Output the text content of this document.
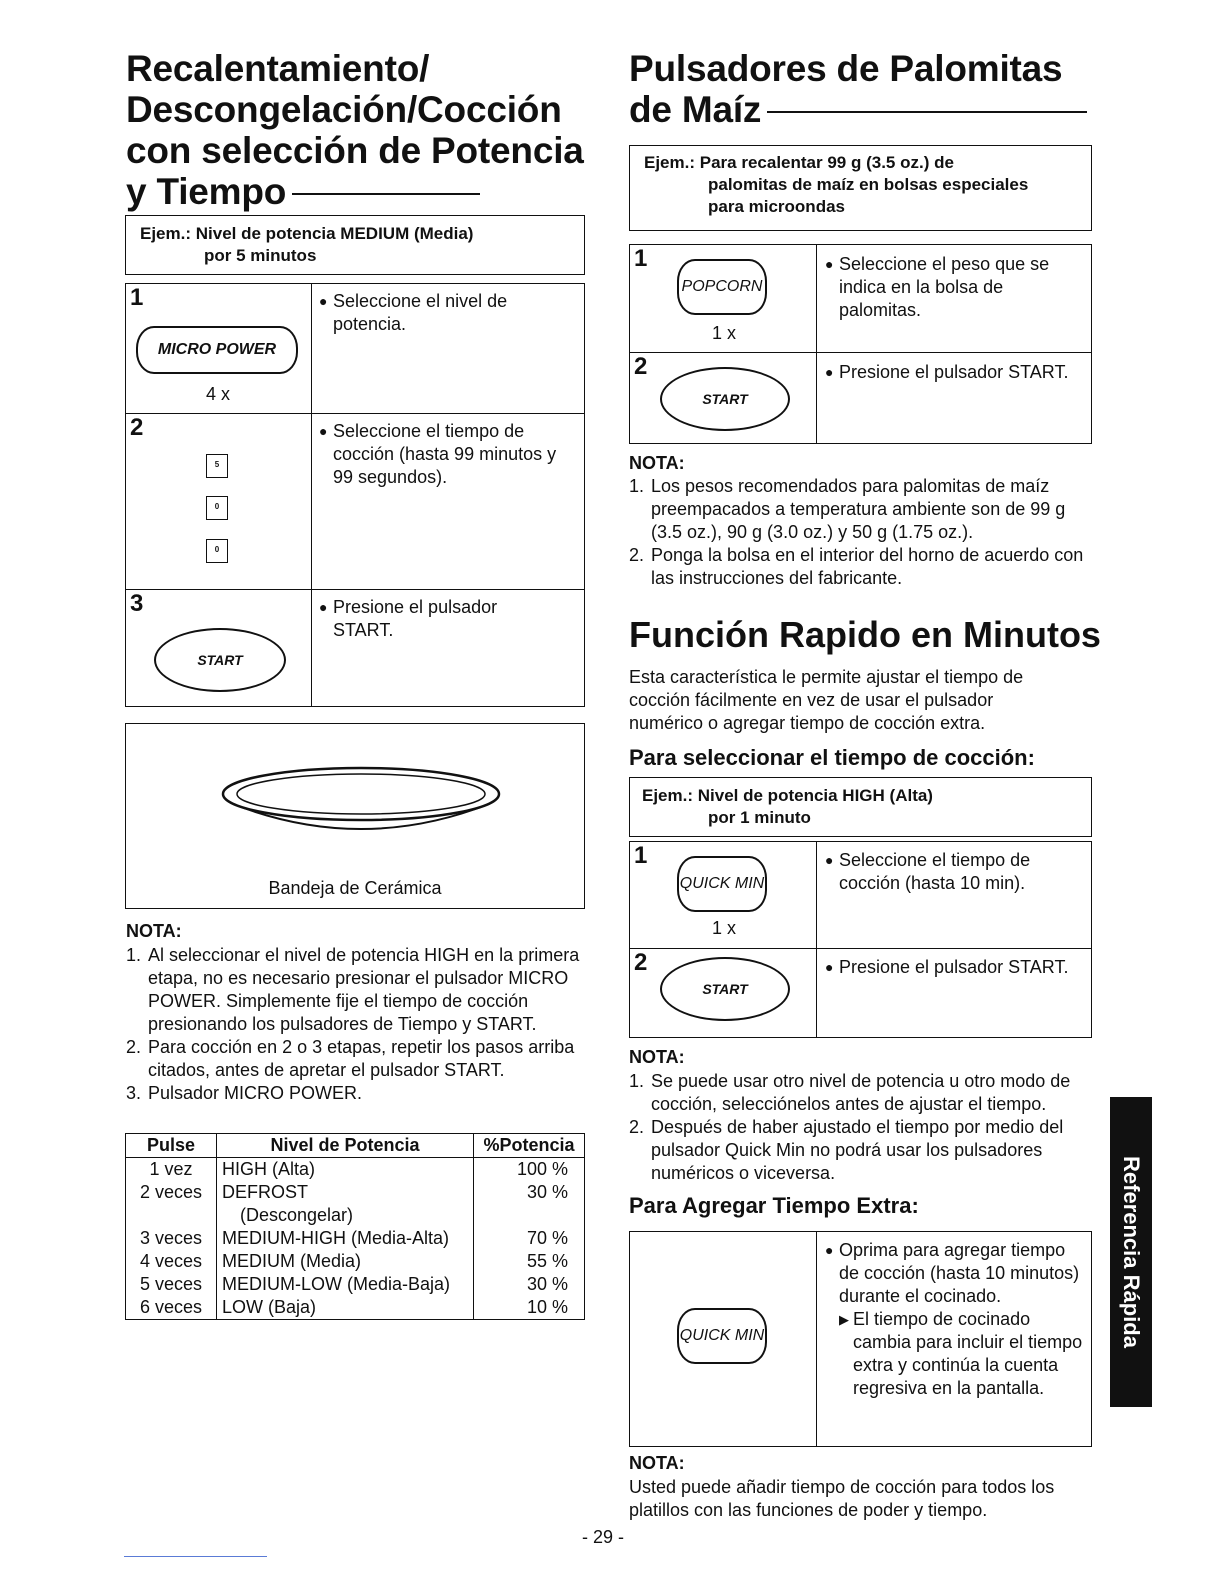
Recalentamiento/
Descongelación/Cocción
con selección de Potencia
y Tiempo
Ejem.: Nivel de potencia MEDIUM (Media)
por 5 minutos
1
MICRO POWER
4 x
● Seleccione el nivel de potencia.
2
5
0
0
● Seleccione el tiempo de cocción (hasta 99 minutos y 99 segundos).
3
START
● Presione el pulsador START.
Bandeja de Cerámica
NOTA:
1. Al seleccionar el nivel de potencia HIGH en la primera etapa, no es necesario presionar el pulsador MICRO POWER. Simplemente fije el tiempo de cocción presionando los pulsadores de Tiempo y START.
2. Para cocción en 2 o 3 etapas, repetir los pasos arriba citados, antes de apretar el pulsador START.
3. Pulsador MICRO POWER.
Pulse	Nivel de Potencia	%Potencia
1 vez	HIGH (Alta)	100 %
2 veces	DEFROST
(Descongelar)	30 %
3 veces	MEDIUM-HIGH (Media-Alta)	70 %
4 veces	MEDIUM (Media)	55 %
5 veces	MEDIUM-LOW (Media-Baja)	30 %
6 veces	LOW (Baja)	10 %
Pulsadores de Palomitas
de Maíz
Ejem.: Para recalentar 99 g (3.5 oz.) de
palomitas de maíz en bolsas especiales
para microondas
1
POPCORN
1 x
● Seleccione el peso que se indica en la bolsa de palomitas.
2
START
● Presione el pulsador START.
NOTA:
1. Los pesos recomendados para palomitas de maíz preempacados a temperatura ambiente son de 99 g (3.5 oz.), 90 g (3.0 oz.) y 50 g (1.75 oz.).
2. Ponga la bolsa en el interior del horno de acuerdo con las instrucciones del fabricante.
Función Rapido en Minutos
Esta característica le permite ajustar el tiempo de cocción fácilmente en vez de usar el pulsador numérico o agregar tiempo de cocción extra.
Para seleccionar el tiempo de cocción:
Ejem.: Nivel de potencia HIGH (Alta)
por 1 minuto
1
QUICK MIN
1 x
● Seleccione el tiempo de cocción (hasta 10 min).
2
START
● Presione el pulsador START.
NOTA:
1. Se puede usar otro nivel de potencia u otro modo de cocción, selecciónelos antes de ajustar el tiempo.
2. Después de haber ajustado el tiempo por medio del pulsador Quick Min no podrá usar los pulsadores numéricos o viceversa.
Para Agregar Tiempo Extra:
QUICK MIN
● Oprima para agregar tiempo de cocción (hasta 10 minutos) durante el cocinado.
▶ El tiempo de cocinado cambia para incluir el tiempo extra y continúa la cuenta regresiva en la pantalla.
NOTA:
Usted puede añadir tiempo de cocción para todos los platillos con las funciones de poder y tiempo.
Referencia Rápida
- 29 -
